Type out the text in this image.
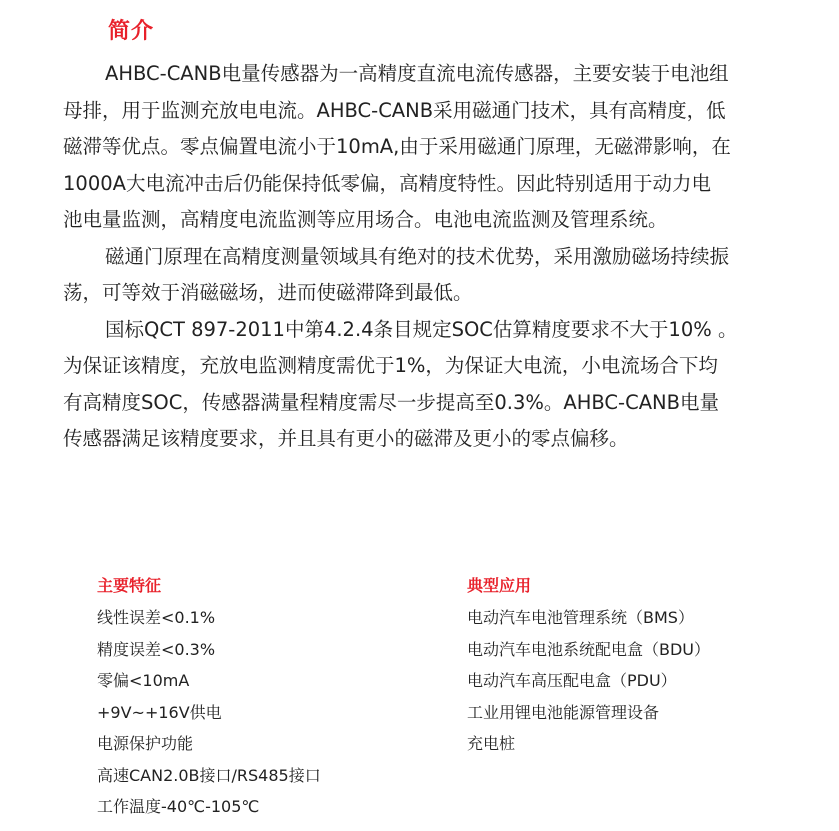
简介

AHBC-CANB电量传感器为一高精度直流电流传感器，主要安装于电池组
母排，用于监测充放电电流。AHBC-CANB采用磁通门技术，具有高精度，低
磁滞等优点。零点偏置电流小于10mA,由于采用磁通门原理，无磁滞影响，在
1000A大电流冲击后仍能保持低零偏，高精度特性。因此特别适用于动力电
池电量监测，高精度电流监测等应用场合。电池电流监测及管理系统。

磁通门原理在高精度测量领域具有绝对的技术优势，采用激励磁场持续振
荡，可等效于消磁磁场，进而使磁滞降到最低。

国标QCT 897-2011中第4.2.4条目规定SOC估算精度要求不大于10% 。
为保证该精度，充放电监测精度需优于1%，为保证大电流，小电流场合下均
有高精度SOC，传感器满量程精度需尽一步提高至0.3%。AHBC-CANB电量
传感器满足该精度要求，并且具有更小的磁滞及更小的零点偏移。

主要特征
线性误差<0.1%
精度误差<0.3%
零偏<10mA
+9V~+16V供电
电源保护功能
高速CAN2.0B接口/RS485接口
工作温度-40℃-105℃
典型应用
电动汽车电池管理系统（BMS）
电动汽车电池系统配电盒（BDU）
电动汽车高压配电盒（PDU）
工业用锂电池能源管理设备
充电桩
